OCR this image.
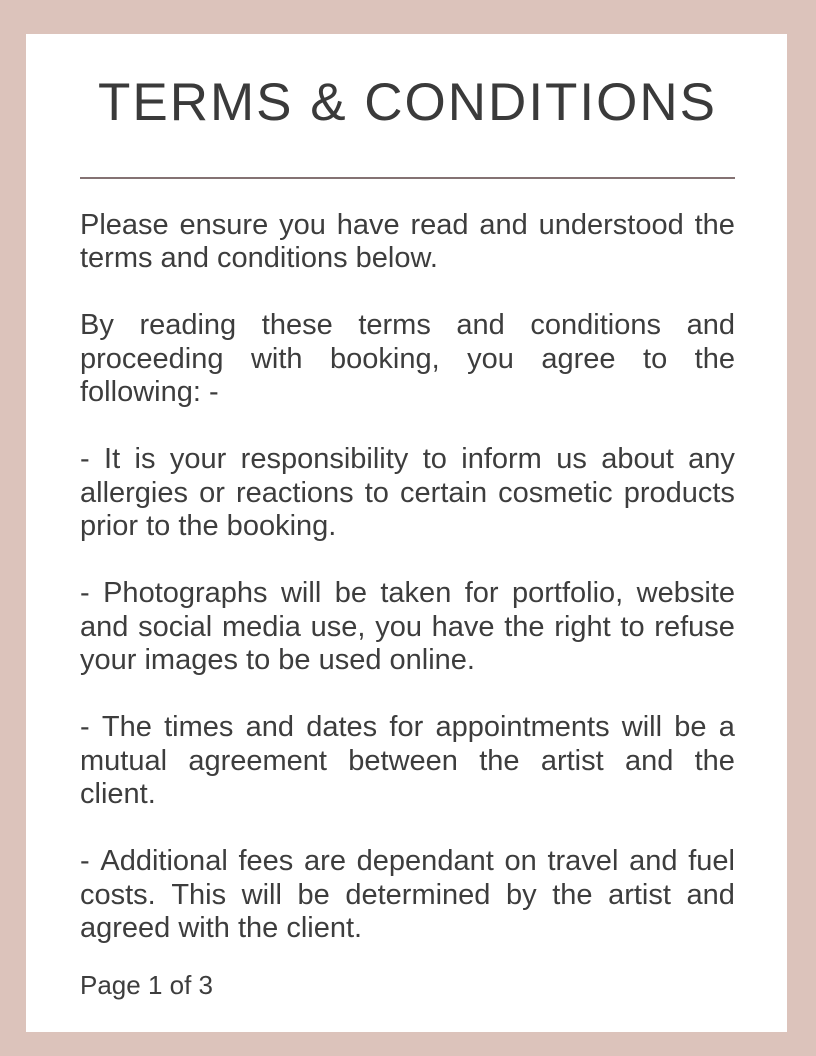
TERMS & CONDITIONS
Please ensure you have read and understood the
terms and conditions below.
By reading these terms and conditions and
proceeding with booking, you agree to the
following: -
- It is your responsibility to inform us about any
allergies or reactions to certain cosmetic products
prior to the booking.
- Photographs will be taken for portfolio, website
and social media use, you have the right to refuse
your images to be used online.
- The times and dates for appointments will be a
mutual agreement between the artist and the
client.
- Additional fees are dependant on travel and fuel
costs. This will be determined by the artist and
agreed with the client.
Page 1 of 3
